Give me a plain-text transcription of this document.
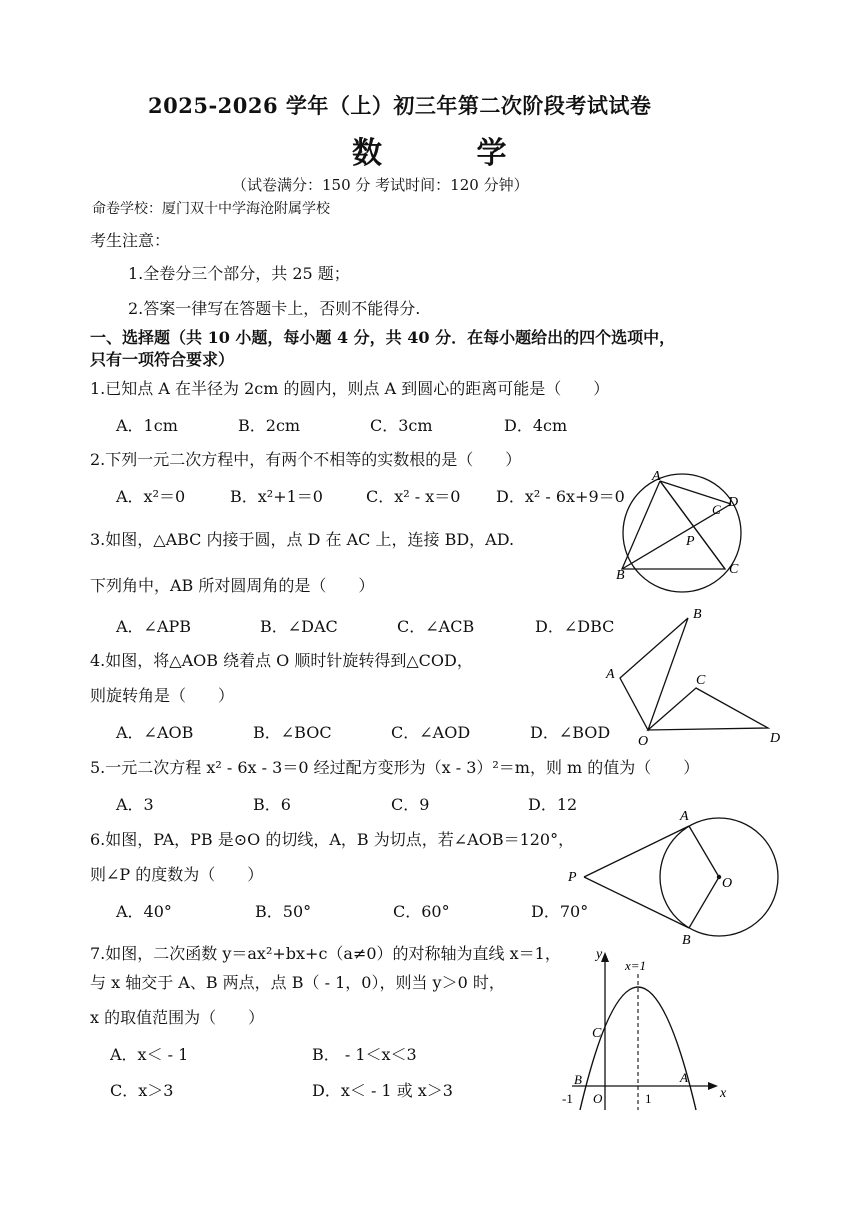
2025-2026 学年（上）初三年第二次阶段考试试卷
数 学
（试卷满分：150 分 考试时间：120 分钟）
命卷学校：厦门双十中学海沧附属学校
考生注意：
1.全卷分三个部分，共 25 题；
2.答案一律写在答题卡上，否则不能得分.
一、选择题（共 10 小题，每小题 4 分，共 40 分．在每小题给出的四个选项中，
只有一项符合要求）
1.已知点 A 在半径为 2cm 的圆内，则点 A 到圆心的距离可能是（　　）
A．1cm	B．2cm	C．3cm	D．4cm
2.下列一元二次方程中，有两个不相等的实数根的是（　　）
A．x²＝0	B．x²+1＝0	C．x² - x＝0 D．x² - 6x+9＝0
3.如图，△ABC 内接于圆，点 D 在 AC 上，连接 BD，AD.
下列角中，AB 所对圆周角的是（　　）
A．∠APB	B．∠DAC	C．∠ACB	D．∠DBC
4.如图，将△AOB 绕着点 O 顺时针旋转得到△COD，
则旋转角是（　　）
A．∠AOB	B．∠BOC	C．∠AOD	D．∠BOD
5.一元二次方程 x² - 6x - 3＝0 经过配方变形为（x - 3）²＝m，则 m 的值为（　　）
A．3	B．6	C．9	D．12
6.如图，PA，PB 是⊙O 的切线，A，B 为切点，若∠AOB＝120°，
则∠P 的度数为（　　）
A．40°	B．50°	C．60°	D．70°
7.如图，二次函数 y＝ax²+bx+c（a≠0）的对称轴为直线 x＝1，
与 x 轴交于 A、B 两点，点 B（ - 1，0），则当 y＞0 时，
x 的取值范围为（　　）
A．x＜ - 1	B． - 1＜x＜3
C．x＞3	D．x＜ - 1 或 x＞3
A
D
C
P
B	C
B
A	C
O	D
A
P	O
B
y
x=1
C
B	A
x
-1 O	1
